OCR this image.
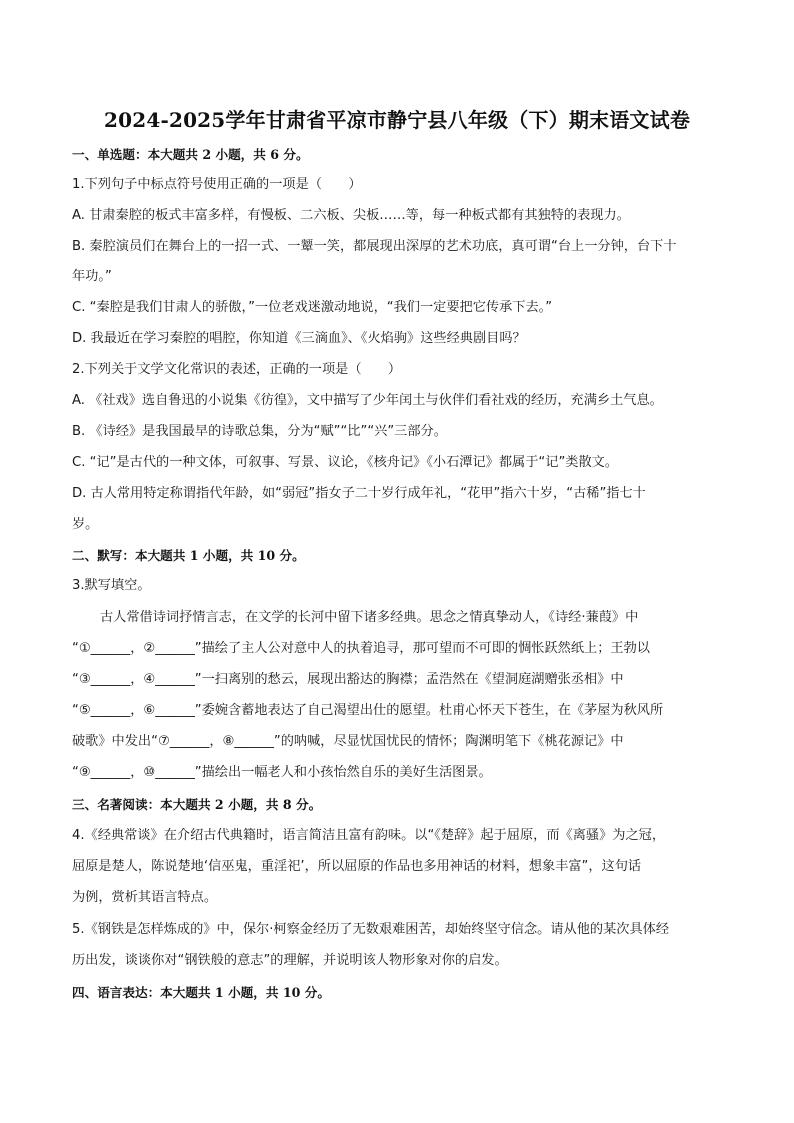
2024-2025学年甘肃省平凉市静宁县八年级（下）期末语文试卷
一、单选题：本大题共 2 小题，共 6 分。
1.下列句子中标点符号使用正确的一项是（　　）
A. 甘肃秦腔的板式丰富多样，有慢板、二六板、尖板……等，每一种板式都有其独特的表现力。
B. 秦腔演员们在舞台上的一招一式、一颦一笑，都展现出深厚的艺术功底，真可谓“台上一分钟，台下十
年功。”
C. “秦腔是我们甘肃人的骄傲，”一位老戏迷激动地说，“我们一定要把它传承下去。”
D. 我最近在学习秦腔的唱腔，你知道《三滴血》、《火焰驹》这些经典剧目吗？
2.下列关于文学文化常识的表述，正确的一项是（　　）
A. 《社戏》选自鲁迅的小说集《彷徨》，文中描写了少年闰土与伙伴们看社戏的经历，充满乡土气息。
B. 《诗经》是我国最早的诗歌总集，分为“赋”“比”“兴”三部分。
C. “记”是古代的一种文体，可叙事、写景、议论，《核舟记》《小石潭记》都属于“记”类散文。
D. 古人常用特定称谓指代年龄，如“弱冠”指女子二十岁行成年礼，“花甲”指六十岁，“古稀”指七十
岁。
二、默写：本大题共 1 小题，共 10 分。
3.默写填空。
古人常借诗词抒情言志，在文学的长河中留下诸多经典。思念之情真挚动人，《诗经·蒹葭》中
“①______，②______”描绘了主人公对意中人的执着追寻，那可望而不可即的惆怅跃然纸上；王勃以
“③______，④______”一扫离别的愁云，展现出豁达的胸襟；孟浩然在《望洞庭湖赠张丞相》中
“⑤______，⑥______”委婉含蓄地表达了自己渴望出仕的愿望。杜甫心怀天下苍生，在《茅屋为秋风所
破歌》中发出“⑦______，⑧______”的呐喊，尽显忧国忧民的情怀；陶渊明笔下《桃花源记》中
“⑨______，⑩______”描绘出一幅老人和小孩怡然自乐的美好生活图景。
三、名著阅读：本大题共 2 小题，共 8 分。
4.《经典常谈》在介绍古代典籍时，语言简洁且富有韵味。以“《楚辞》起于屈原，而《离骚》为之冠，
屈原是楚人，陈说楚地‘信巫鬼，重淫祀’，所以屈原的作品也多用神话的材料，想象丰富”，这句话
为例，赏析其语言特点。
5.《钢铁是怎样炼成的》中，保尔·柯察金经历了无数艰难困苦，却始终坚守信念。请从他的某次具体经
历出发，谈谈你对“钢铁般的意志”的理解，并说明该人物形象对你的启发。
四、语言表达：本大题共 1 小题，共 10 分。
